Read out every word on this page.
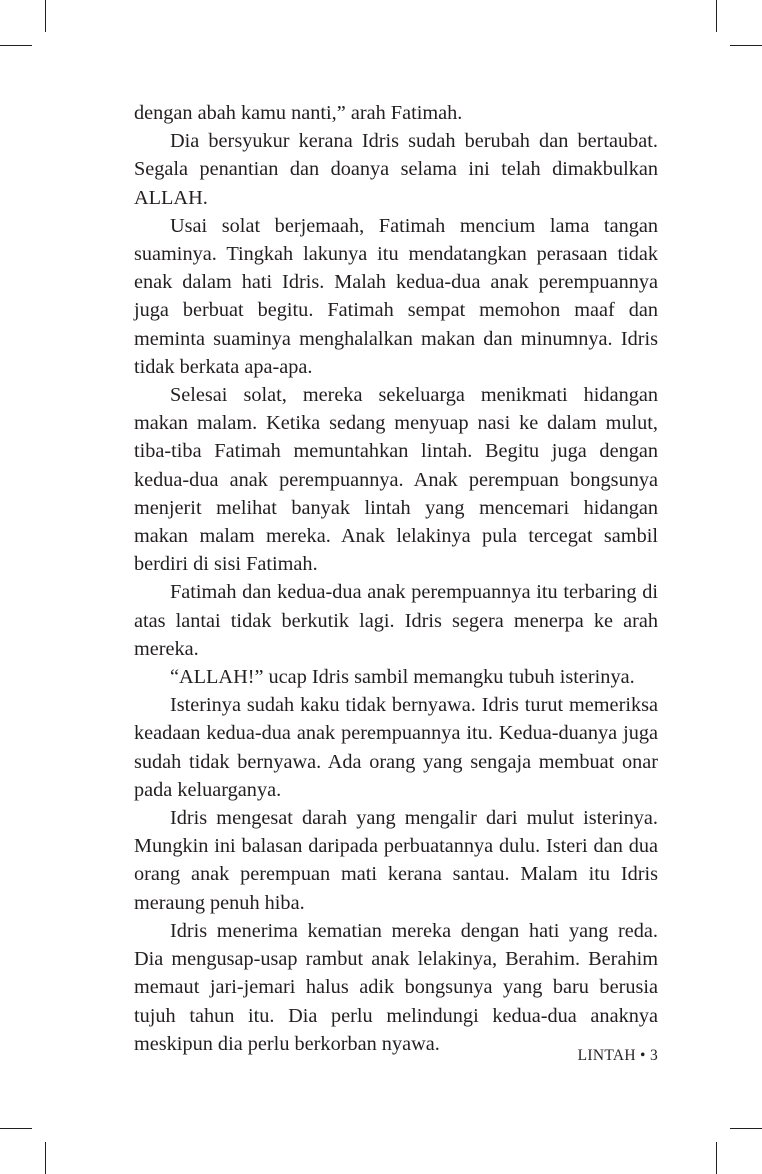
dengan abah kamu nanti,” arah Fatimah.

Dia bersyukur kerana Idris sudah berubah dan bertaubat. Segala penantian dan doanya selama ini telah dimakbulkan ALLAH.

Usai solat berjemaah, Fatimah mencium lama tangan suaminya. Tingkah lakunya itu mendatangkan perasaan tidak enak dalam hati Idris. Malah kedua-dua anak perempuannya juga berbuat begitu. Fatimah sempat memohon maaf dan meminta suaminya menghalalkan makan dan minumnya. Idris tidak berkata apa-apa.

Selesai solat, mereka sekeluarga menikmati hidangan makan malam. Ketika sedang menyuap nasi ke dalam mulut, tiba-tiba Fatimah memuntahkan lintah. Begitu juga dengan kedua-dua anak perempuannya. Anak perempuan bongsunya menjerit melihat banyak lintah yang mencemari hidangan makan malam mereka. Anak lelakinya pula tercegat sambil berdiri di sisi Fatimah.

Fatimah dan kedua-dua anak perempuannya itu terbaring di atas lantai tidak berkutik lagi. Idris segera menerpa ke arah mereka.

“ALLAH!” ucap Idris sambil memangku tubuh isterinya.

Isterinya sudah kaku tidak bernyawa. Idris turut memeriksa keadaan kedua-dua anak perempuannya itu. Kedua-duanya juga sudah tidak bernyawa. Ada orang yang sengaja membuat onar pada keluarganya.

Idris mengesat darah yang mengalir dari mulut isterinya. Mungkin ini balasan daripada perbuatannya dulu. Isteri dan dua orang anak perempuan mati kerana santau. Malam itu Idris meraung penuh hiba.

Idris menerima kematian mereka dengan hati yang reda. Dia mengusap-usap rambut anak lelakinya, Berahim. Berahim memaut jari-jemari halus adik bongsunya yang baru berusia tujuh tahun itu. Dia perlu melindungi kedua-dua anaknya meskipun dia perlu berkorban nyawa.

LINTAH • 3
